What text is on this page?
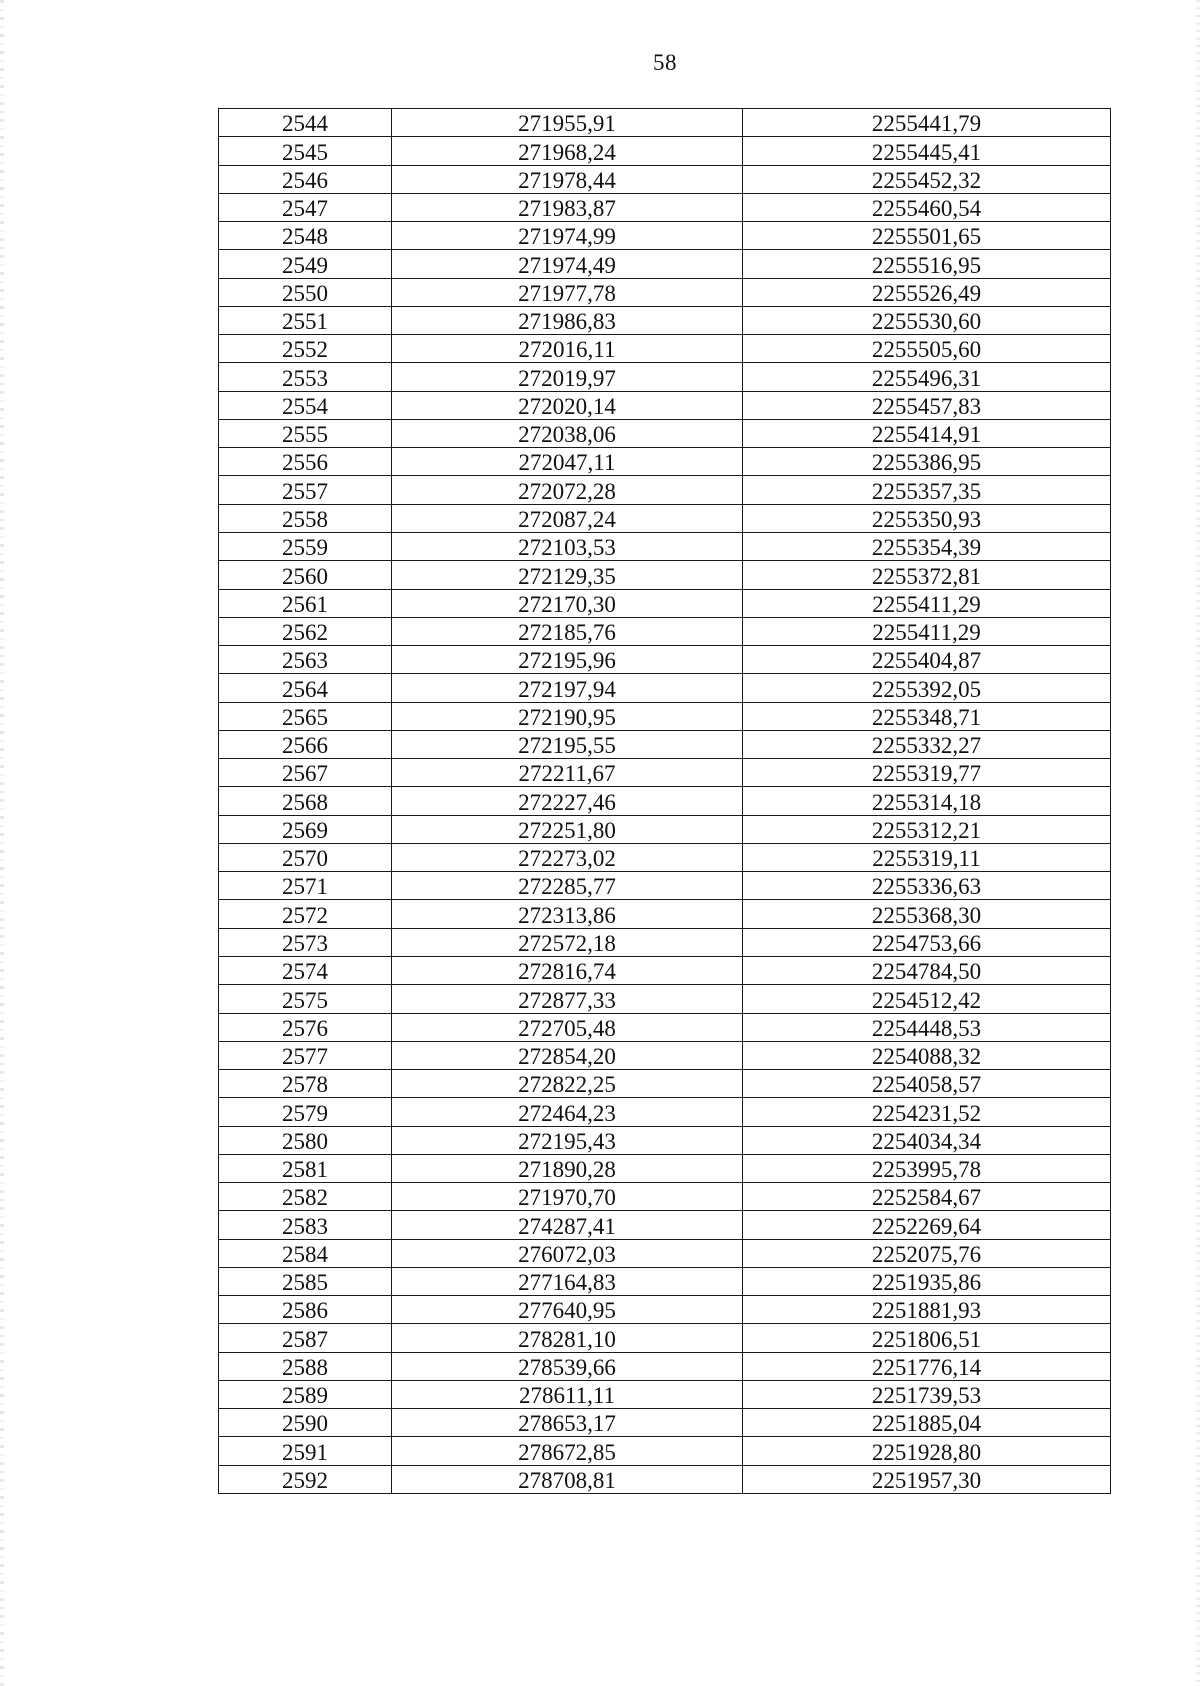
58
2544	271955,91	2255441,79
2545	271968,24	2255445,41
2546	271978,44	2255452,32
2547	271983,87	2255460,54
2548	271974,99	2255501,65
2549	271974,49	2255516,95
2550	271977,78	2255526,49
2551	271986,83	2255530,60
2552	272016,11	2255505,60
2553	272019,97	2255496,31
2554	272020,14	2255457,83
2555	272038,06	2255414,91
2556	272047,11	2255386,95
2557	272072,28	2255357,35
2558	272087,24	2255350,93
2559	272103,53	2255354,39
2560	272129,35	2255372,81
2561	272170,30	2255411,29
2562	272185,76	2255411,29
2563	272195,96	2255404,87
2564	272197,94	2255392,05
2565	272190,95	2255348,71
2566	272195,55	2255332,27
2567	272211,67	2255319,77
2568	272227,46	2255314,18
2569	272251,80	2255312,21
2570	272273,02	2255319,11
2571	272285,77	2255336,63
2572	272313,86	2255368,30
2573	272572,18	2254753,66
2574	272816,74	2254784,50
2575	272877,33	2254512,42
2576	272705,48	2254448,53
2577	272854,20	2254088,32
2578	272822,25	2254058,57
2579	272464,23	2254231,52
2580	272195,43	2254034,34
2581	271890,28	2253995,78
2582	271970,70	2252584,67
2583	274287,41	2252269,64
2584	276072,03	2252075,76
2585	277164,83	2251935,86
2586	277640,95	2251881,93
2587	278281,10	2251806,51
2588	278539,66	2251776,14
2589	278611,11	2251739,53
2590	278653,17	2251885,04
2591	278672,85	2251928,80
2592	278708,81	2251957,30
